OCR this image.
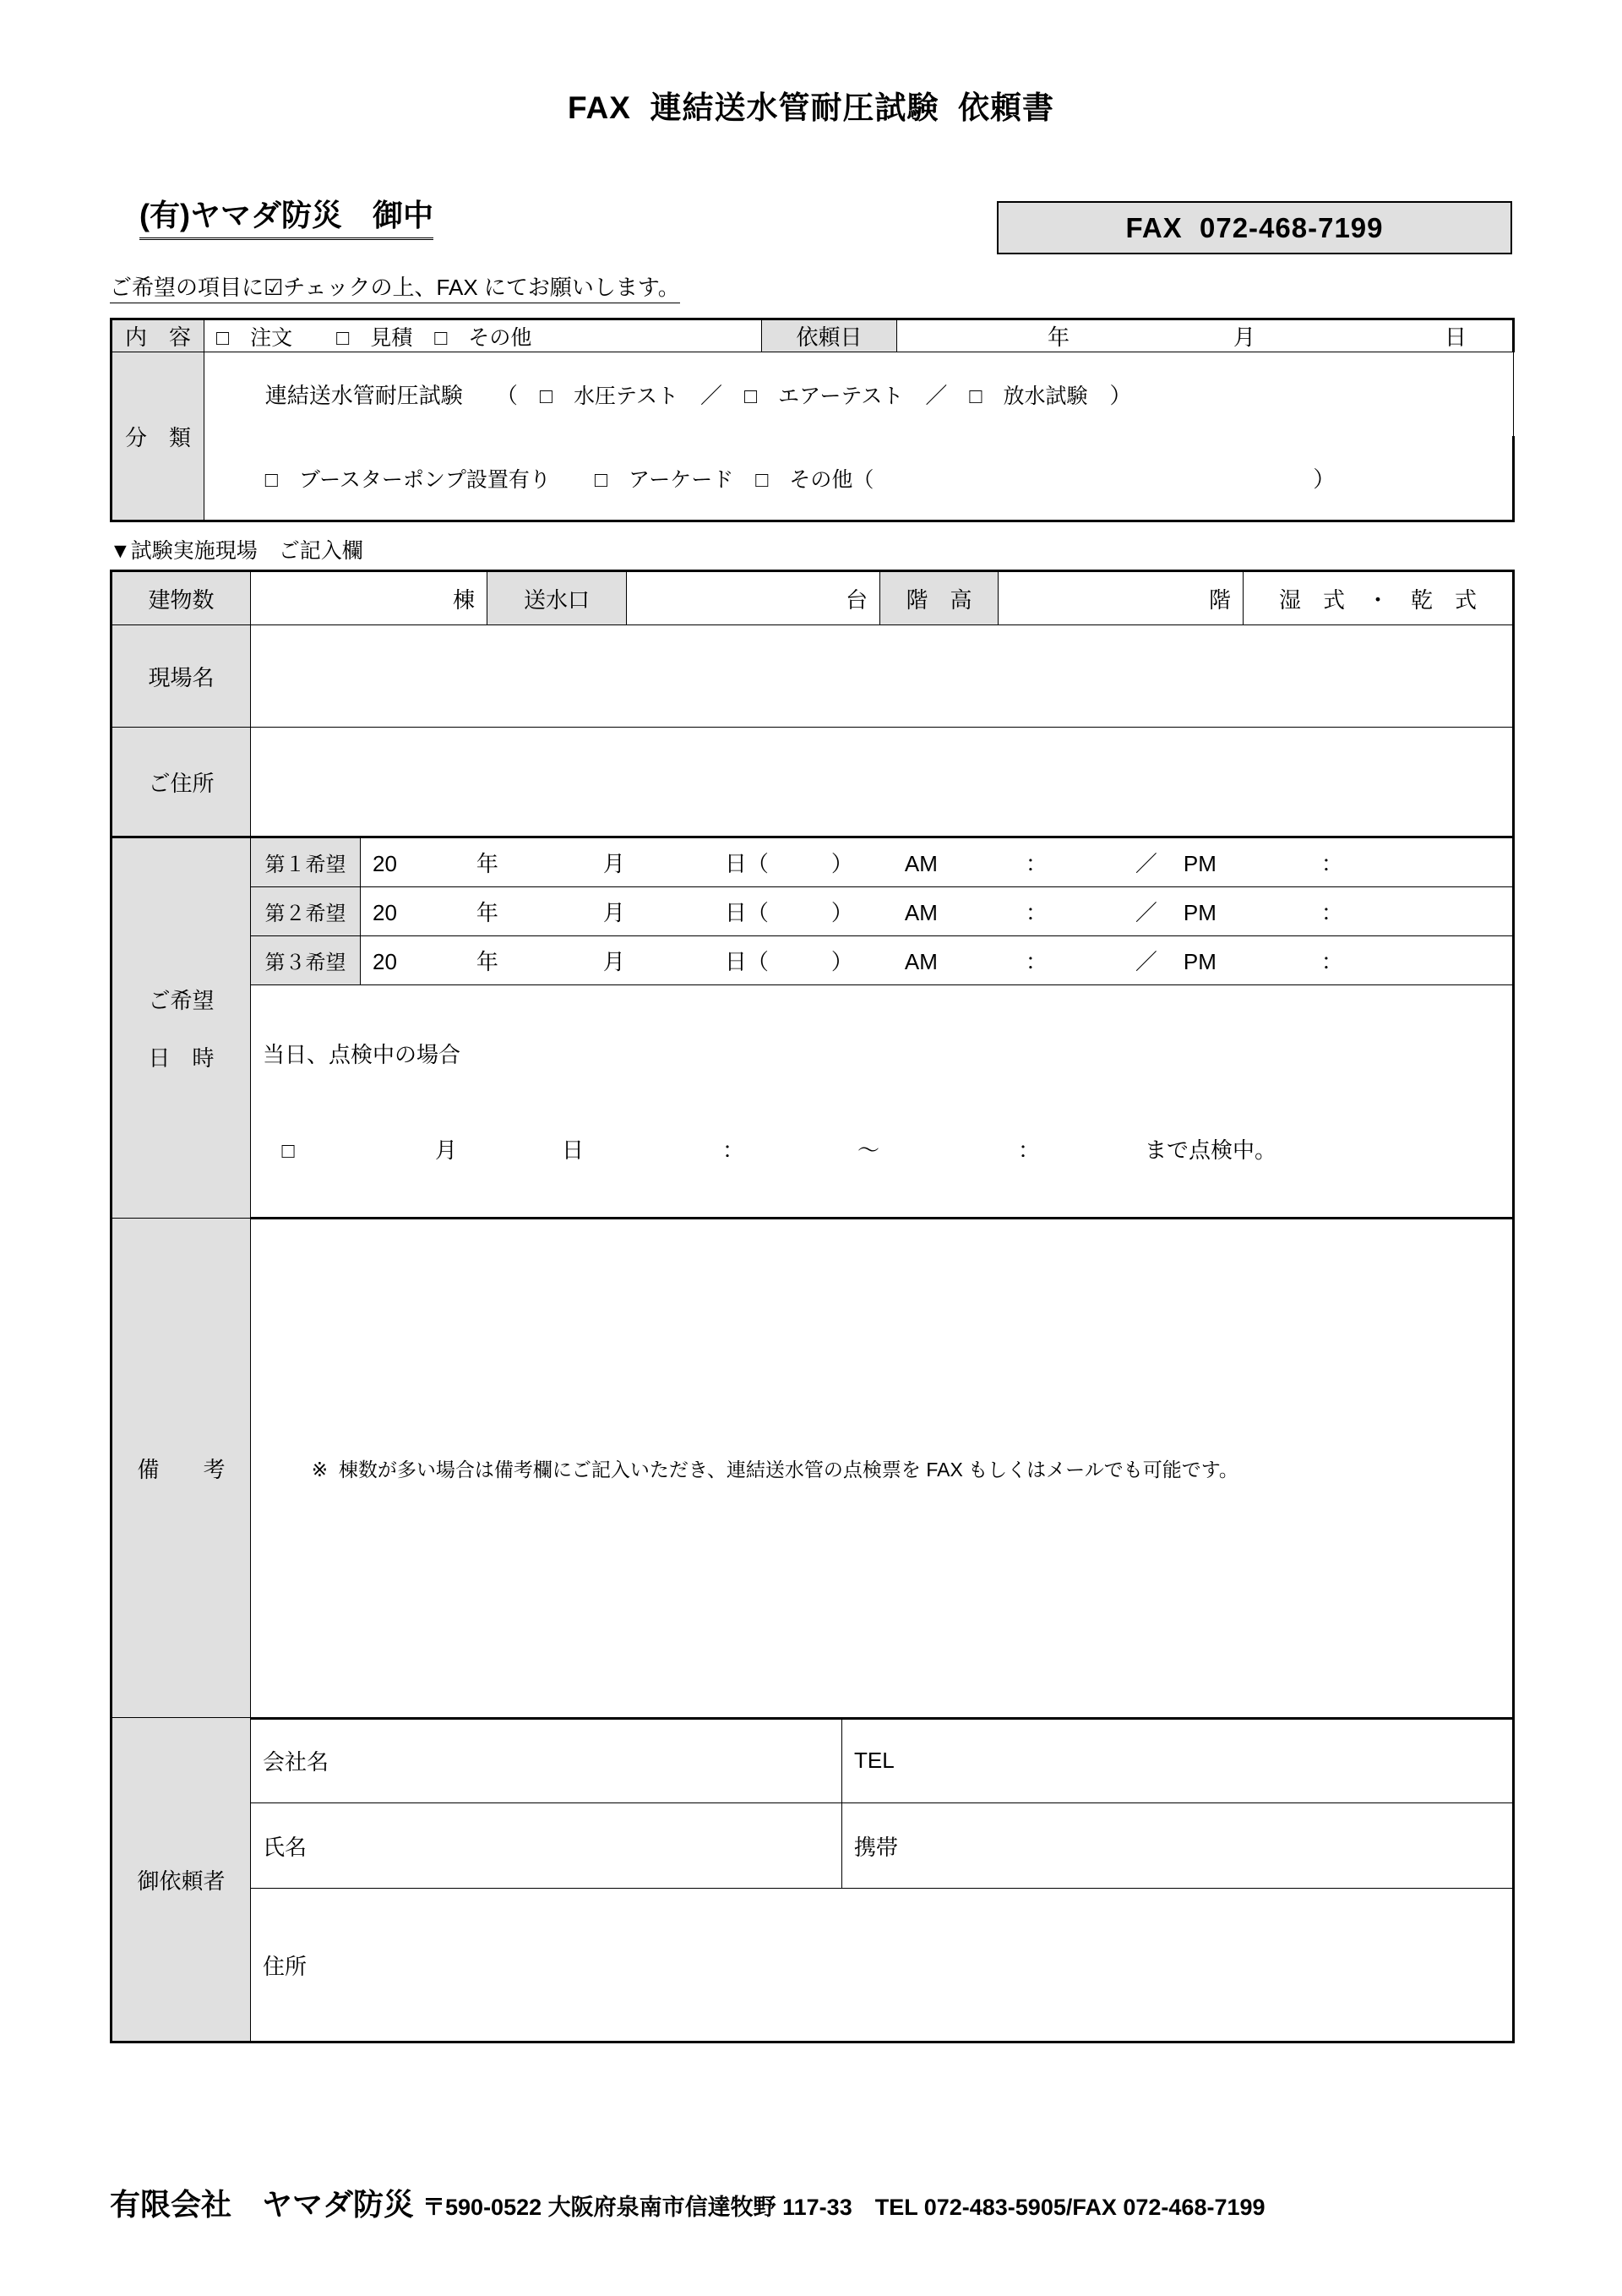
FAX  連結送水管耐圧試験  依頼書
(有)ヤマダ防災　御中	FAX  072-468-7199
ご希望の項目に☑チェックの上、FAX にてお願いします。
内　容	□　注文　　 □　見積　 □　その他	依頼日	年 月 日
分　類	連結送水管耐圧試験　　 （　 □　水圧テスト　 ／　 □　エアーテスト　 ／　 □　放水試験　 ）		

□　ブースターポンプ設置有り　　 □　アーケード　 □　その他（ ）		

▼試験実施現場　ご記入欄
建物数	棟		送水口	台	階　高	階	湿　式　・　乾　式
現場名							
ご住所							
ご希望

日　時	第１希望	20 年 月 日（ ） AM ： ／ PM ：					
	第２希望	20 年 月 日（ ） AM ： ／ PM ：					
	第３希望	20 年 月 日（ ） AM ： ／ PM ：					

	当日、点検中の場合

□ 月 日 ： ～ ： まで点検中。						

備　　考	※  棟数が多い場合は備考欄にご記入いただき、連結送水管の点検票を FAX もしくはメールでも可能です。						

御依頼者	会社名	TEL
	氏名	携帯
	住所	
有限会社　ヤマダ防災 〒590-0522 大阪府泉南市信達牧野 117-33　TEL 072-483-5905/FAX 072-468-7199
